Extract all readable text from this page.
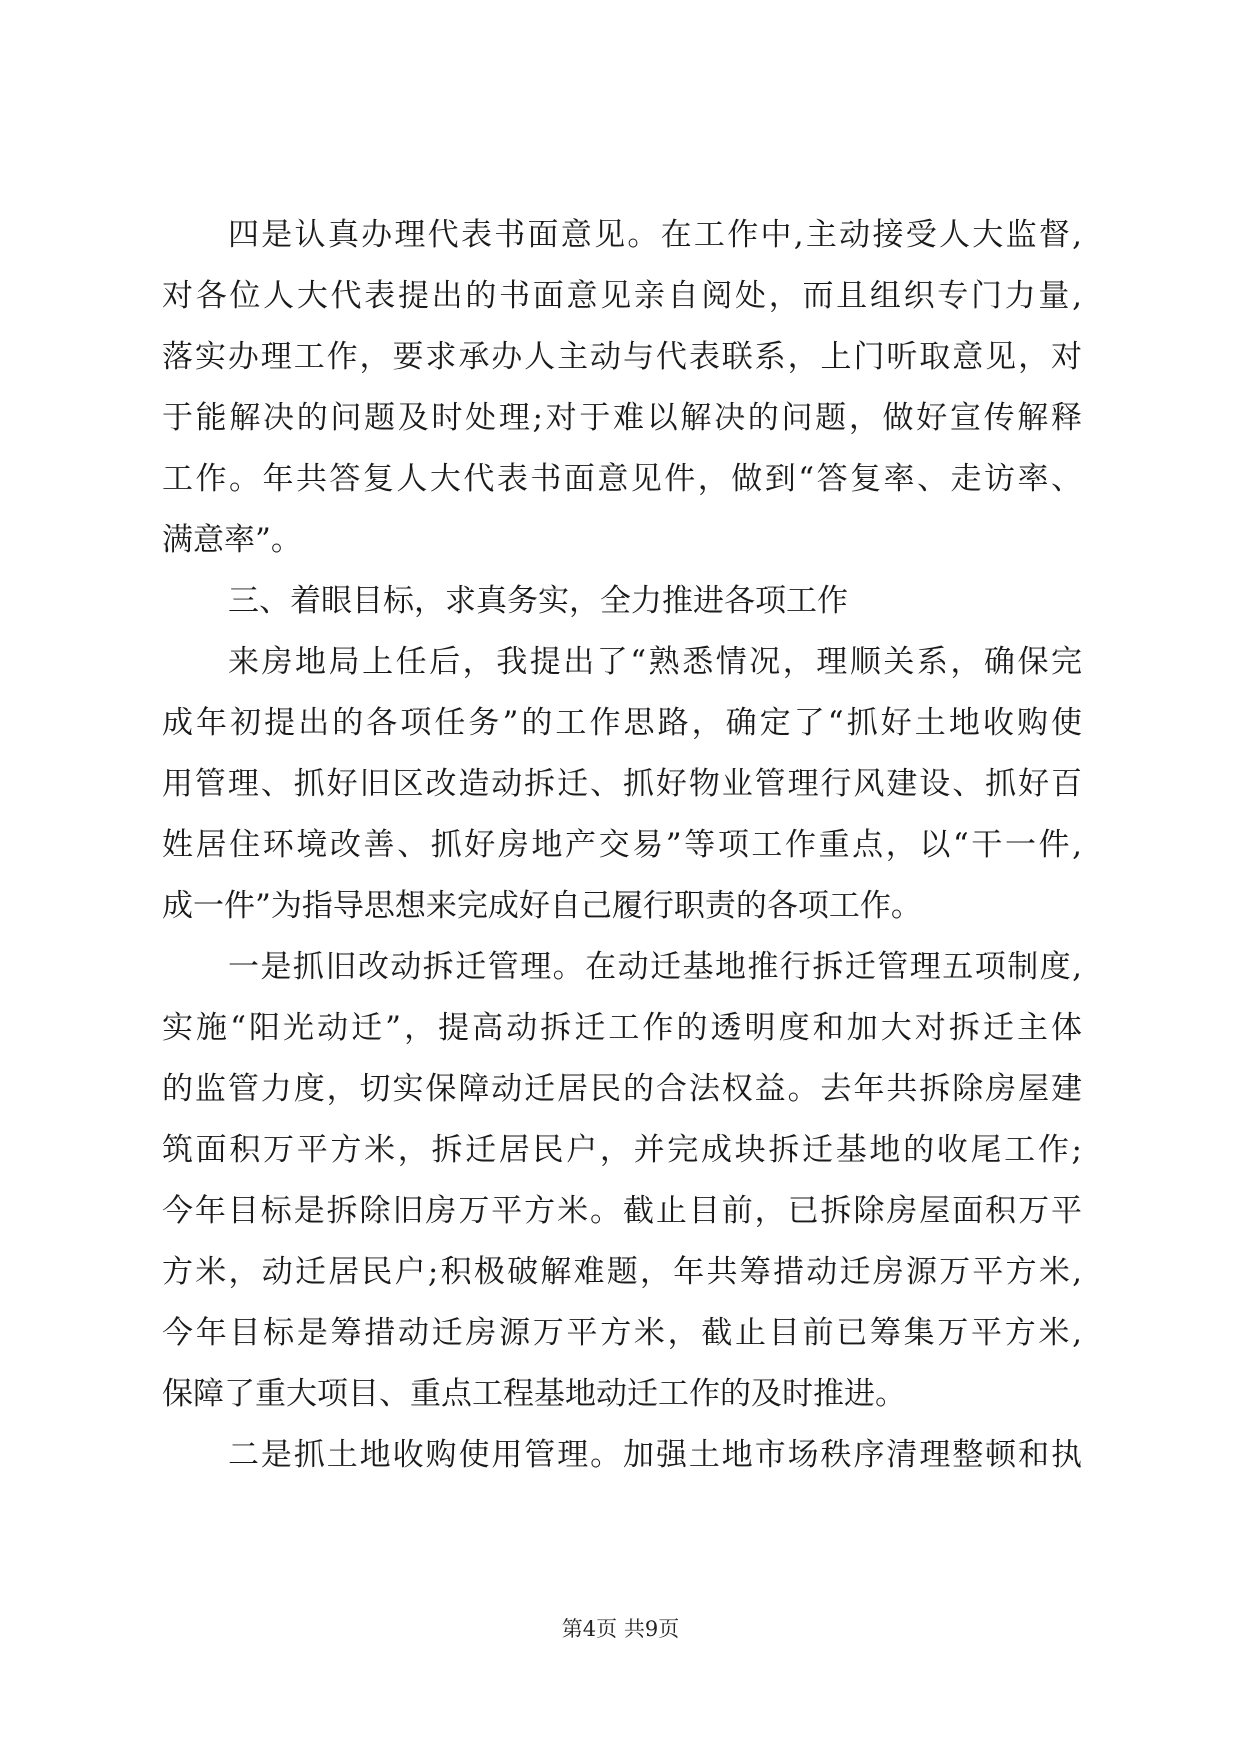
四是认真办理代表书面意见。在工作中,主动接受人大监督,
对各位人大代表提出的书面意见亲自阅处，而且组织专门力量,
落实办理工作，要求承办人主动与代表联系，上门听取意见，对
于能解决的问题及时处理;对于难以解决的问题，做好宣传解释
工作。年共答复人大代表书面意见件，做到“答复率、走访率、
满意率”。
三、着眼目标，求真务实，全力推进各项工作
来房地局上任后，我提出了“熟悉情况，理顺关系，确保完
成年初提出的各项任务”的工作思路，确定了“抓好土地收购使
用管理、抓好旧区改造动拆迁、抓好物业管理行风建设、抓好百
姓居住环境改善、抓好房地产交易”等项工作重点，以“干一件,
成一件”为指导思想来完成好自己履行职责的各项工作。
一是抓旧改动拆迁管理。在动迁基地推行拆迁管理五项制度,
实施“阳光动迁”，提高动拆迁工作的透明度和加大对拆迁主体
的监管力度，切实保障动迁居民的合法权益。去年共拆除房屋建
筑面积万平方米，拆迁居民户，并完成块拆迁基地的收尾工作;
今年目标是拆除旧房万平方米。截止目前，已拆除房屋面积万平
方米，动迁居民户;积极破解难题，年共筹措动迁房源万平方米,
今年目标是筹措动迁房源万平方米，截止目前已筹集万平方米,
保障了重大项目、重点工程基地动迁工作的及时推进。
二是抓土地收购使用管理。加强土地市场秩序清理整顿和执
第4页 共9页
